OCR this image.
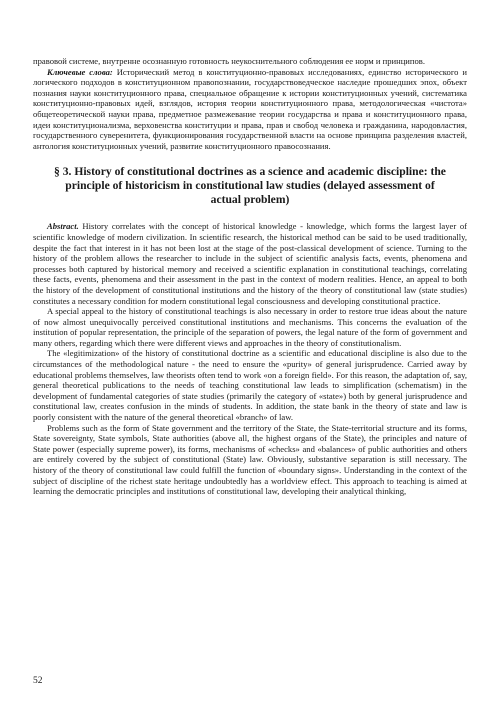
правовой системе, внутренне осознанную готовность неукоснительного соблюдения ее норм и принципов.

Ключевые слова: Исторический метод в конституционно-правовых исследованиях, единство исторического и логического подходов в конституционном правопознании, государствоведческое наследие прошедших эпох, объект познания науки конституционного права, специальное обращение к истории конституционных учений, систематика конституционно-правовых идей, взглядов, история теории конституционного права, методологическая «чистота» общетеоретической науки права, предметное размежевание теории государства и права и конституционного права, идеи конституционализма, верховенства конституции и права, прав и свобод человека и гражданина, народовластия, государственного суверенитета, функционирования государственной власти на основе принципа разделения властей, антология конституционных учений, развитие конституционного правосознания.

§ 3. History of constitutional doctrines as a science and academic discipline: the principle of historicism in constitutional law studies (delayed assessment of actual problem)

Abstract. History correlates with the concept of historical knowledge - knowledge, which forms the largest layer of scientific knowledge of modern civilization. In scientific research, the historical method can be said to be used traditionally, despite the fact that interest in it has not been lost at the stage of the post-classical development of science. Turning to the history of the problem allows the researcher to include in the subject of scientific analysis facts, events, phenomena and processes both captured by historical memory and received a scientific explanation in constitutional teachings, correlating these facts, events, phenomena and their assessment in the past in the context of modern realities. Hence, an appeal to both the history of the development of constitutional institutions and the history of the theory of constitutional law (state studies) constitutes a necessary condition for modern constitutional legal consciousness and developing constitutional practice.

A special appeal to the history of constitutional teachings is also necessary in order to restore true ideas about the nature of now almost unequivocally perceived constitutional institutions and mechanisms. This concerns the evaluation of the institution of popular representation, the principle of the separation of powers, the legal nature of the form of government and many others, regarding which there were different views and approaches in the theory of constitutionalism.

The «legitimization» of the history of constitutional doctrine as a scientific and educational discipline is also due to the circumstances of the methodological nature - the need to ensure the «purity» of general jurisprudence. Carried away by educational problems themselves, law theorists often tend to work «on a foreign field». For this reason, the adaptation of, say, general theoretical publications to the needs of teaching constitutional law leads to simplification (schematism) in the development of fundamental categories of state studies (primarily the category of «state») both by general jurisprudence and constitutional law, creates confusion in the minds of students. In addition, the state bank in the theory of state and law is poorly consistent with the nature of the general theoretical «branch» of law.

Problems such as the form of State government and the territory of the State, the State-territorial structure and its forms, State sovereignty, State symbols, State authorities (above all, the highest organs of the State), the principles and nature of State power (especially supreme power), its forms, mechanisms of «checks» and «balances» of public authorities and others are entirely covered by the subject of constitutional (State) law. Obviously, substantive separation is still necessary. The history of the theory of constitutional law could fulfill the function of «boundary signs». Understanding in the context of the subject of discipline of the richest state heritage undoubtedly has a worldview effect. This approach to teaching is aimed at learning the democratic principles and institutions of constitutional law, developing their analytical thinking,

52
